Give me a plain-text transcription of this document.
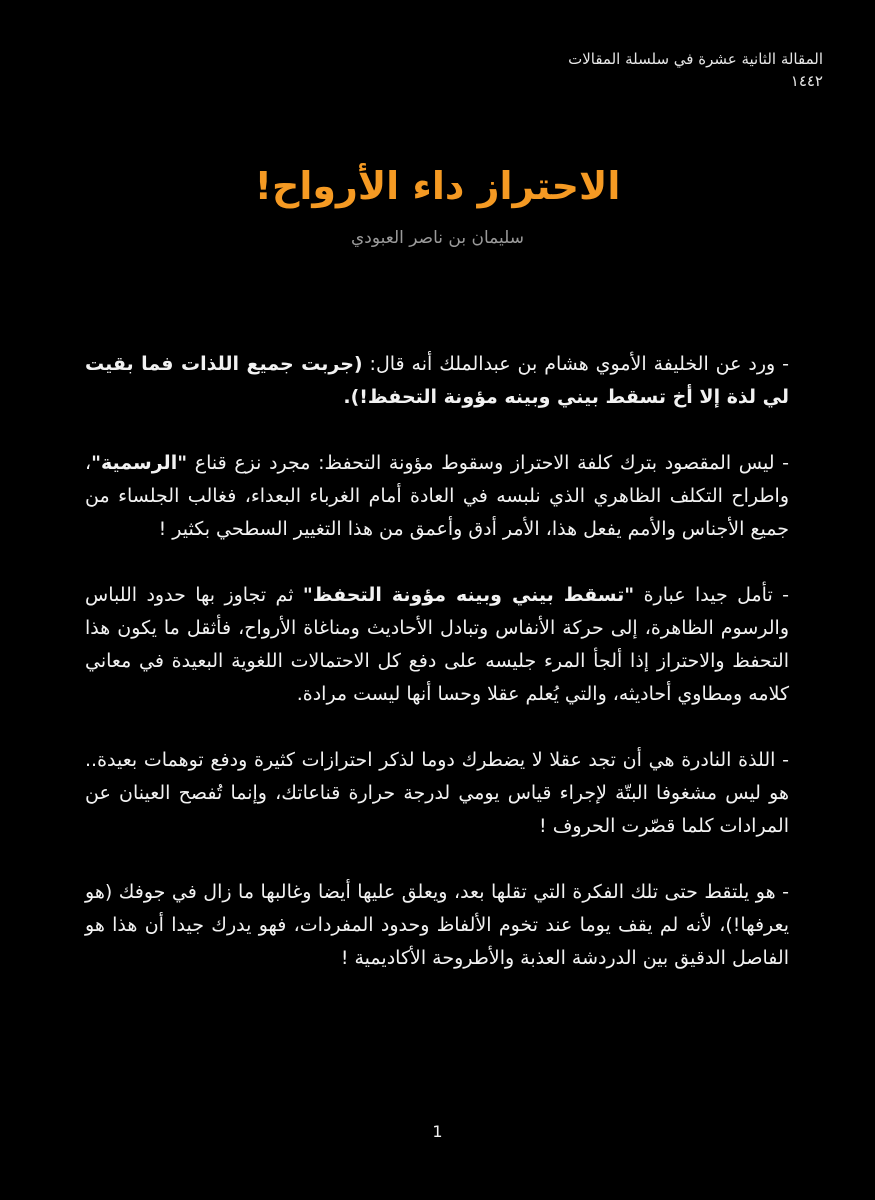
المقالة الثانية عشرة في سلسلة المقالات
١٤٤٢
الاحتراز داء الأرواح!
سليمان بن ناصر العبودي

- ورد عن الخليفة الأموي هشام بن عبدالملك أنه قال: (جربت جميع اللذات فما بقيت لي لذة إلا أخ تسقط بيني وبينه مؤونة التحفظ!).

- ليس المقصود بترك كلفة الاحتراز وسقوط مؤونة التحفظ: مجرد نزع قناع "الرسمية"، واطراح التكلف الظاهري الذي نلبسه في العادة أمام الغرباء البعداء، فغالب الجلساء من جميع الأجناس والأمم يفعل هذا، الأمر أدق وأعمق من هذا التغيير السطحي بكثير !

- تأمل جيدا عبارة "تسقط بيني وبينه مؤونة التحفظ" ثم تجاوز بها حدود اللباس والرسوم الظاهرة، إلى حركة الأنفاس وتبادل الأحاديث ومناغاة الأرواح، فأثقل ما يكون هذا التحفظ والاحتراز إذا ألجأ المرء جليسه على دفع كل الاحتمالات اللغوية البعيدة في معاني كلامه ومطاوي أحاديثه، والتي يُعلم عقلا وحسا أنها ليست مرادة.

- اللذة النادرة هي أن تجد عقلا لا يضطرك دوما لذكر احترازات كثيرة ودفع توهمات بعيدة.. هو ليس مشغوفا البتّة لإجراء قياس يومي لدرجة حرارة قناعاتك، وإنما تُفصح العينان عن المرادات كلما قصّرت الحروف !

- هو يلتقط حتى تلك الفكرة التي تقلها بعد، ويعلق عليها أيضا وغالبها ما زال في جوفك (هو يعرفها!)، لأنه لم يقف يوما عند تخوم الألفاظ وحدود المفردات، فهو يدرك جيدا أن هذا هو الفاصل الدقيق بين الدردشة العذبة والأطروحة الأكاديمية !

1
